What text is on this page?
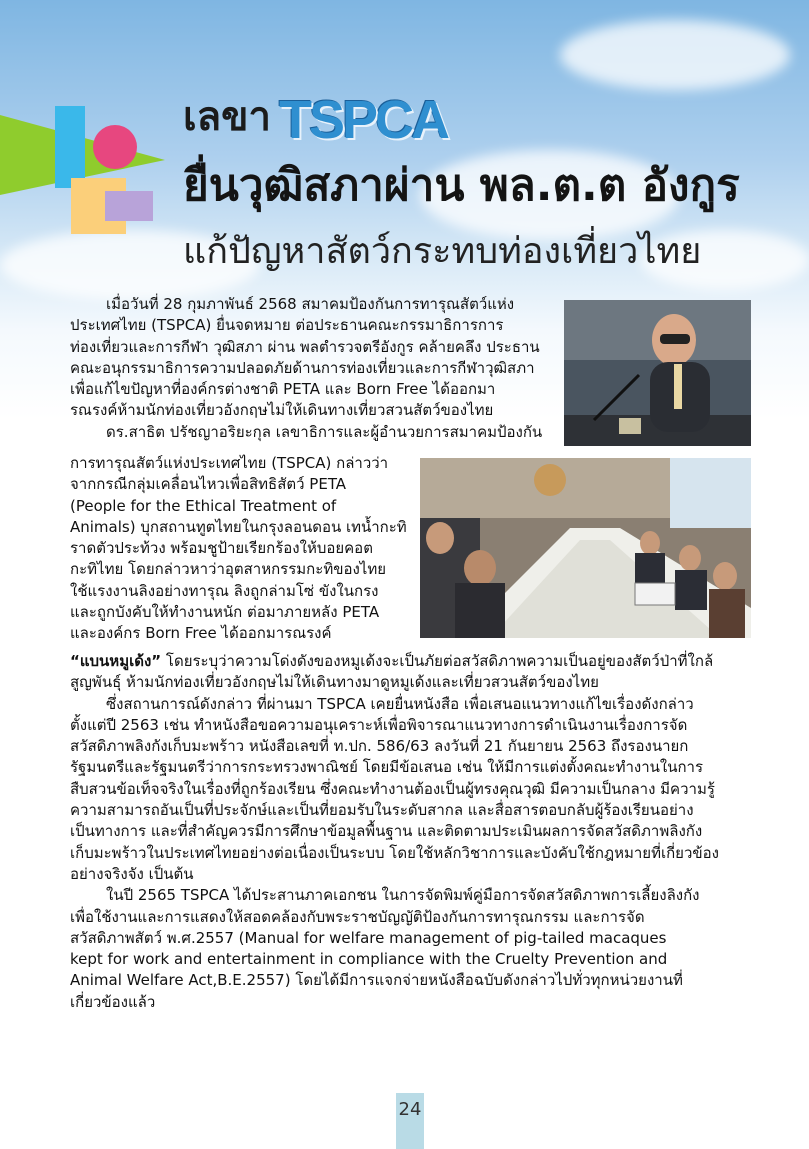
เลขา TSPCA
ยื่นวุฒิสภาผ่าน พล.ต.ต อังกูร
แก้ปัญหาสัตว์กระทบท่องเที่ยวไทย
เมื่อวันที่ 28 กุมภาพันธ์ 2568 สมาคมป้องกันการทารุณสัตว์แห่ง
ประเทศไทย (TSPCA) ยื่นจดหมาย ต่อประธานคณะกรรมาธิการการ
ท่องเที่ยวและการกีฬา วุฒิสภา ผ่าน พลตำรวจตรีอังกูร คล้ายคลึง ประธาน
คณะอนุกรรมาธิการความปลอดภัยด้านการท่องเที่ยวและการกีฬาวุฒิสภา
เพื่อแก้ไขปัญหาที่องค์กรต่างชาติ PETA และ Born Free ได้ออกมา
รณรงค์ห้ามนักท่องเที่ยวอังกฤษไม่ให้เดินทางเที่ยวสวนสัตว์ของไทย
ดร.สาธิต ปรัชญาอริยะกุล เลขาธิการและผู้อำนวยการสมาคมป้องกัน
การทารุณสัตว์แห่งประเทศไทย (TSPCA) กล่าวว่า
จากกรณีกลุ่มเคลื่อนไหวเพื่อสิทธิสัตว์ PETA
(People for the Ethical Treatment of
Animals) บุกสถานทูตไทยในกรุงลอนดอน เทน้ำกะทิ
ราดตัวประท้วง พร้อมชูป้ายเรียกร้องให้บอยคอต
กะทิไทย โดยกล่าวหาว่าอุตสาหกรรมกะทิของไทย
ใช้แรงงานลิงอย่างทารุณ ลิงถูกล่ามโซ่ ขังในกรง
และถูกบังคับให้ทำงานหนัก ต่อมาภายหลัง PETA
และองค์กร Born Free ได้ออกมารณรงค์
“แบนหมูเด้ง” โดยระบุว่าความโด่งดังของหมูเด้งจะเป็นภัยต่อสวัสดิภาพความเป็นอยู่ของสัตว์ป่าที่ใกล้
สูญพันธุ์ ห้ามนักท่องเที่ยวอังกฤษไม่ให้เดินทางมาดูหมูเด้งและเที่ยวสวนสัตว์ของไทย
ซึ่งสถานการณ์ดังกล่าว ที่ผ่านมา TSPCA เคยยื่นหนังสือ เพื่อเสนอแนวทางแก้ไขเรื่องดังกล่าว
ตั้งแต่ปี 2563 เช่น ทำหนังสือขอความอนุเคราะห์เพื่อพิจารณาแนวทางการดำเนินงานเรื่องการจัด
สวัสดิภาพลิงกังเก็บมะพร้าว หนังสือเลขที่ ท.ปก. 586/63 ลงวันที่ 21 กันยายน 2563 ถึงรองนายก
รัฐมนตรีและรัฐมนตรีว่าการกระทรวงพาณิชย์ โดยมีข้อเสนอ เช่น ให้มีการแต่งตั้งคณะทำงานในการ
สืบสวนข้อเท็จจริงในเรื่องที่ถูกร้องเรียน ซึ่งคณะทำงานต้องเป็นผู้ทรงคุณวุฒิ มีความเป็นกลาง มีความรู้
ความสามารถอันเป็นที่ประจักษ์และเป็นที่ยอมรับในระดับสากล และสื่อสารตอบกลับผู้ร้องเรียนอย่าง
เป็นทางการ และที่สำคัญควรมีการศึกษาข้อมูลพื้นฐาน และติดตามประเมินผลการจัดสวัสดิภาพลิงกัง
เก็บมะพร้าวในประเทศไทยอย่างต่อเนื่องเป็นระบบ โดยใช้หลักวิชาการและบังคับใช้กฎหมายที่เกี่ยวข้อง
อย่างจริงจัง เป็นต้น
ในปี 2565 TSPCA ได้ประสานภาคเอกชน ในการจัดพิมพ์คู่มือการจัดสวัสดิภาพการเลี้ยงลิงกัง
เพื่อใช้งานและการแสดงให้สอดคล้องกับพระราชบัญญัติป้องกันการทารุณกรรม และการจัด
สวัสดิภาพสัตว์ พ.ศ.2557 (Manual for welfare management of pig-tailed macaques
kept for work and entertainment in compliance with the Cruelty Prevention and
Animal Welfare Act,B.E.2557) โดยได้มีการแจกจ่ายหนังสือฉบับดังกล่าวไปทั่วทุกหน่วยงานที่
เกี่ยวข้องแล้ว
24
